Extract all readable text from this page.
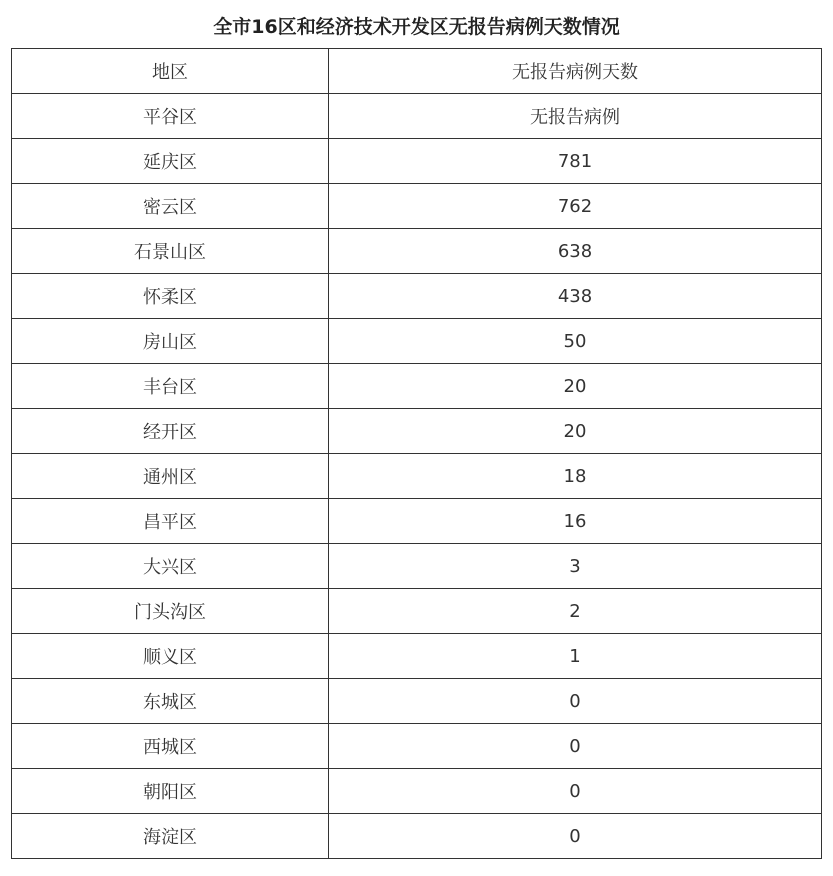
全市16区和经济技术开发区无报告病例天数情况
地区	无报告病例天数
平谷区	无报告病例
延庆区	781
密云区	762
石景山区	638
怀柔区	438
房山区	50
丰台区	20
经开区	20
通州区	18
昌平区	16
大兴区	3
门头沟区	2
顺义区	1
东城区	0
西城区	0
朝阳区	0
海淀区	0
